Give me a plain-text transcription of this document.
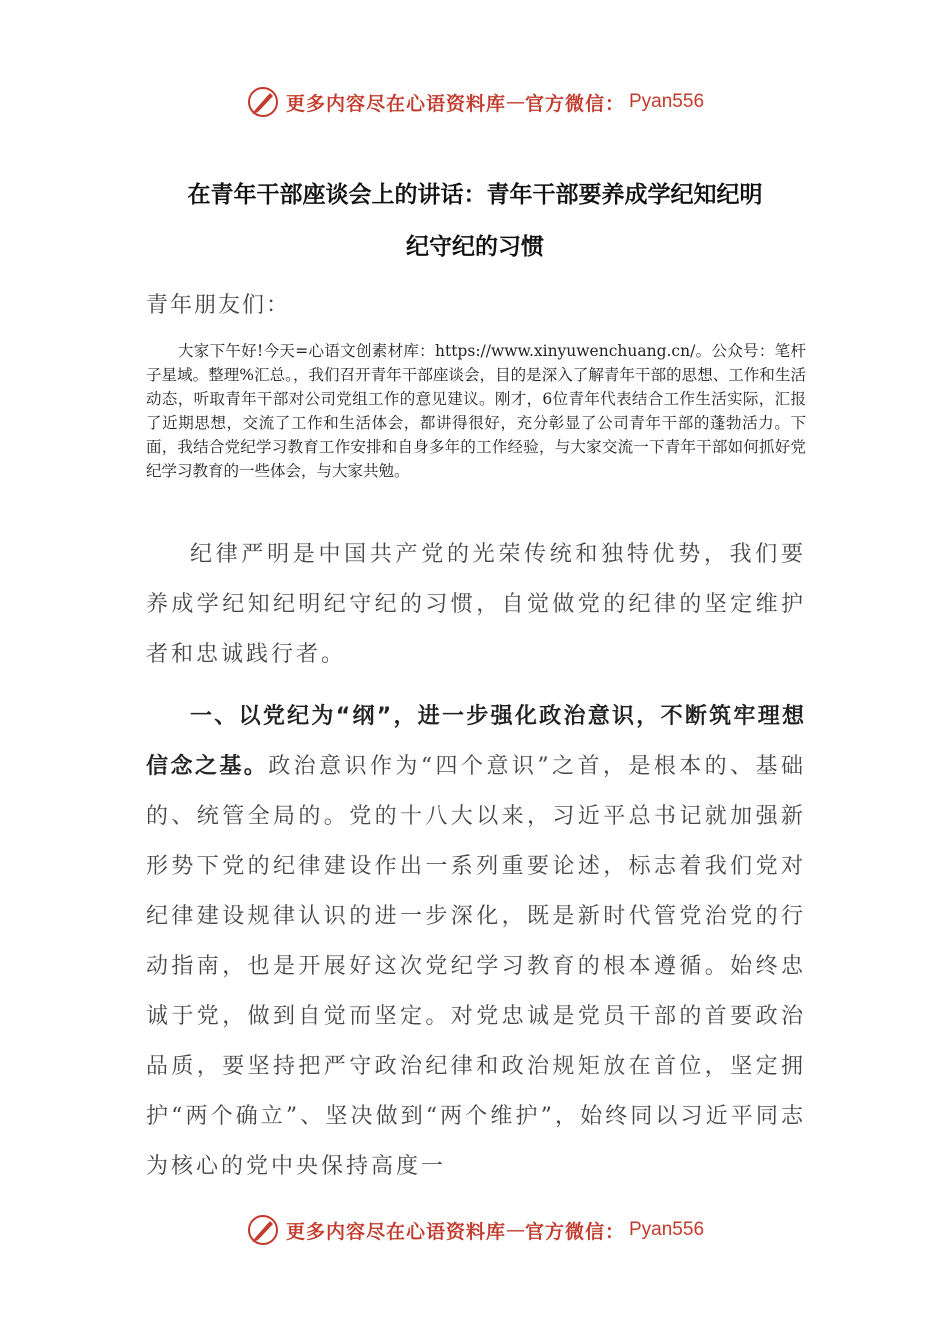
更多内容尽在心语资料库 — 官方微信： Pyan556
在青年干部座谈会上的讲话：青年干部要养成学纪知纪明
纪守纪的习惯
青年朋友们：

大家下午好!今天=心语文创素材库：https://www.xinyuwenchuang.cn/。公众号：笔杆子星域。整理%汇总。，我们召开青年干部座谈会，目的是深入了解青年干部的思想、工作和生活动态，听取青年干部对公司党组工作的意见建议。刚才，6位青年代表结合工作生活实际，汇报了近期思想，交流了工作和生活体会，都讲得很好，充分彰显了公司青年干部的蓬勃活力。下面，我结合党纪学习教育工作安排和自身多年的工作经验，与大家交流一下青年干部如何抓好党纪学习教育的一些体会，与大家共勉。

纪律严明是中国共产党的光荣传统和独特优势，我们要养成学纪知纪明纪守纪的习惯，自觉做党的纪律的坚定维护者和忠诚践行者。

一、以党纪为“纲”，进一步强化政治意识，不断筑牢理想信念之基。政治意识作为“四个意识”之首，是根本的、基础的、统管全局的。党的十八大以来，习近平总书记就加强新形势下党的纪律建设作出一系列重要论述，标志着我们党对纪律建设规律认识的进一步深化，既是新时代管党治党的行动指南，也是开展好这次党纪学习教育的根本遵循。始终忠诚于党，做到自觉而坚定。对党忠诚是党员干部的首要政治品质，要坚持把严守政治纪律和政治规矩放在首位，坚定拥护“两个确立”、坚决做到“两个维护”，始终同以习近平同志为核心的党中央保持高度一

更多内容尽在心语资料库 — 官方微信： Pyan556
